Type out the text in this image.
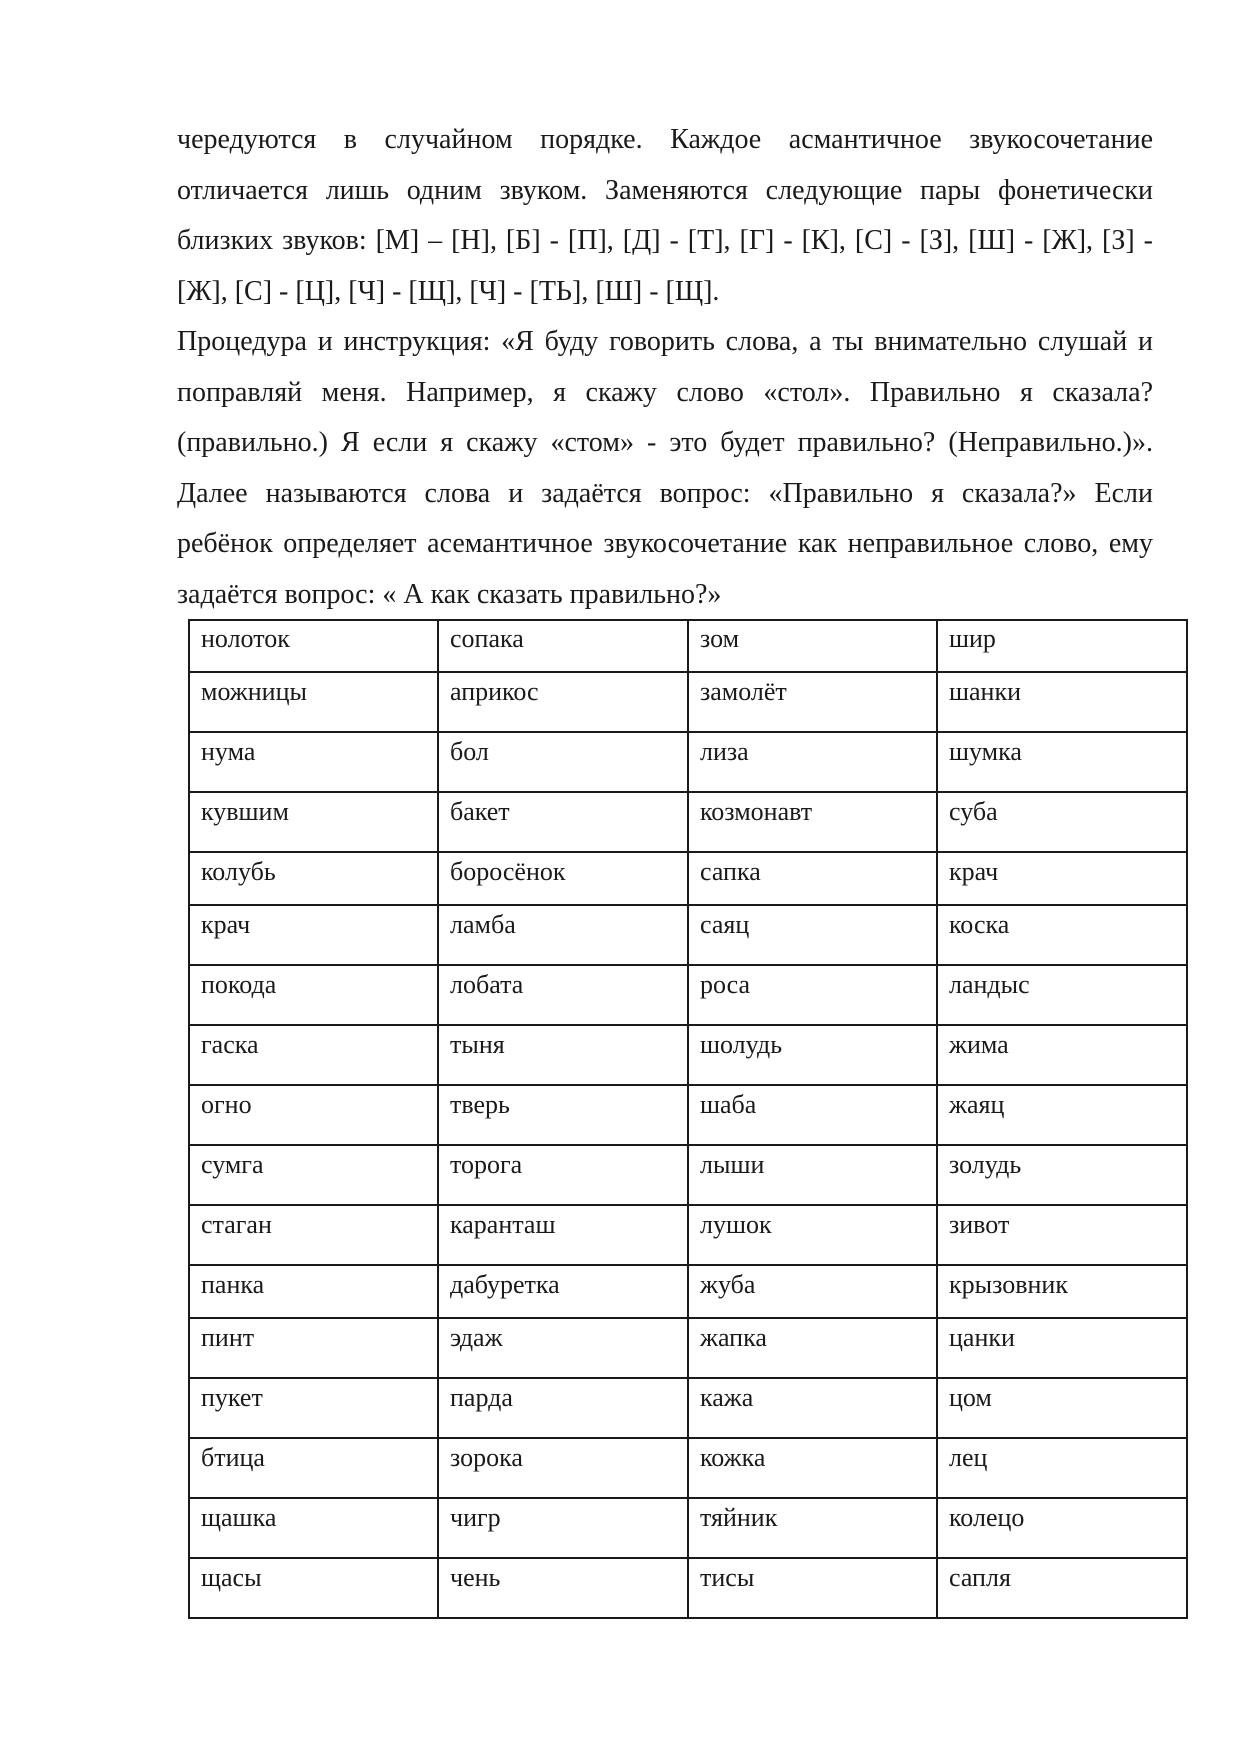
чередуются в случайном порядке. Каждое асмантичное звукосочетание отличается лишь одним звуком. Заменяются следующие пары фонетически близких звуков: [М] – [Н], [Б] - [П], [Д] - [Т], [Г] - [К], [С] - [З], [Ш] - [Ж], [З] - [Ж], [С] - [Ц], [Ч] - [Щ], [Ч] - [ТЬ], [Ш] - [Щ].

Процедура и инструкция: «Я буду говорить слова, а ты внимательно слушай и поправляй меня. Например, я скажу слово «стол». Правильно я сказала? (правильно.) Я если я скажу «стом» - это будет правильно? (Неправильно.)». Далее называются слова и задаётся вопрос: «Правильно я сказала?» Если ребёнок определяет асемантичное звукосочетание как неправильное слово, ему задаётся вопрос: « А как сказать правильно?»

нолоток	сопака	зом	шир
можницы	априкос	замолёт	шанки
нума	бол	лиза	шумка
кувшим	бакет	козмонавт	суба
колубь	боросёнок	сапка	крач
крач	ламба	саяц	коска
покода	лобата	роса	ландыс
гаска	тыня	шолудь	жима
огно	тверь	шаба	жаяц
сумга	торога	лыши	золудь
стаган	каранташ	лушок	зивот
панка	дабуретка	жуба	крызовник
пинт	эдаж	жапка	цанки
пукет	парда	кажа	цом
бтица	зорока	кожка	лец
щашка	чигр	тяйник	колецо
щасы	чень	тисы	сапля
